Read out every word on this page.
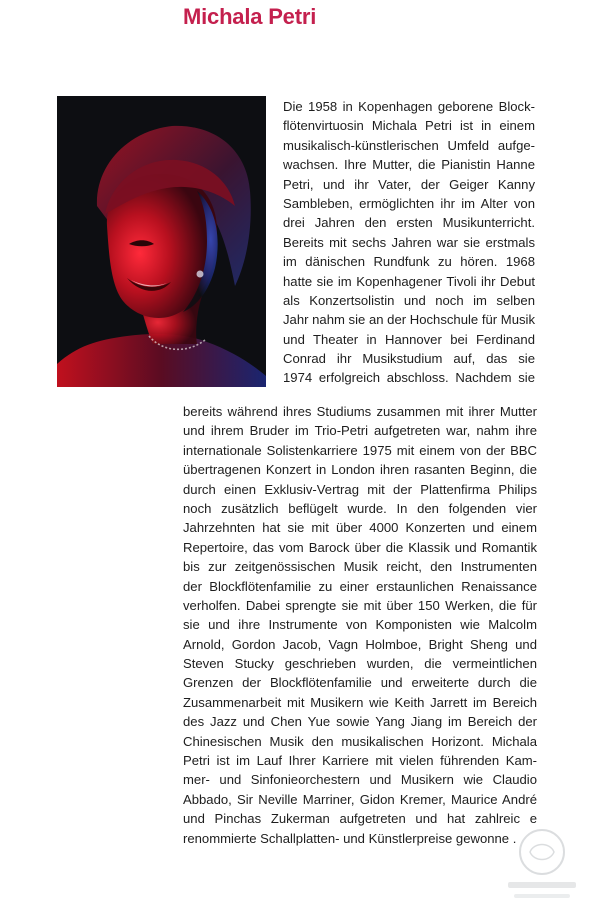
Michala Petri
Die 1958 in Kopenhagen geborene Block-
flötenvirtuosin Michala Petri ist in einem
musikalisch-künstlerischen Umfeld aufge-
wachsen. Ihre Mutter, die Pianistin Hanne
Petri, und ihr Vater, der Geiger Kanny
Sambleben, ermöglichten ihr im Alter von
drei Jahren den ersten Musikunterricht.
Bereits mit sechs Jahren war sie erstmals
im dänischen Rundfunk zu hören. 1968
hatte sie im Kopenhagener Tivoli ihr Debut
als Konzertsolistin und noch im selben
Jahr nahm sie an der Hochschule für Musik
und Theater in Hannover bei Ferdinand
Conrad ihr Musikstudium auf, das sie
1974 erfolgreich abschloss. Nachdem sie
bereits während ihres Studiums zusammen mit ihrer Mutter
und ihrem Bruder im Trio-Petri aufgetreten war, nahm ihre
internationale Solistenkarriere 1975 mit einem von der BBC
übertragenen Konzert in London ihren rasanten Beginn, die
durch einen Exklusiv-Vertrag mit der Plattenfirma Philips
noch zusätzlich beflügelt wurde. In den folgenden vier
Jahrzehnten hat sie mit über 4000 Konzerten und einem
Repertoire, das vom Barock über die Klassik und Romantik
bis zur zeitgenössischen Musik reicht, den Instrumenten
der Blockflötenfamilie zu einer erstaunlichen Renaissance
verholfen. Dabei sprengte sie mit über 150 Werken, die für
sie und ihre Instrumente von Komponisten wie Malcolm
Arnold, Gordon Jacob, Vagn Holmboe, Bright Sheng und
Steven Stucky geschrieben wurden, die vermeintlichen
Grenzen der Blockflötenfamilie und erweiterte durch die
Zusammenarbeit mit Musikern wie Keith Jarrett im Bereich
des Jazz und Chen Yue sowie Yang Jiang im Bereich der
Chinesischen Musik den musikalischen Horizont. Michala
Petri ist im Lauf Ihrer Karriere mit vielen führenden Kam-
mer- und Sinfonieorchestern und Musikern wie Claudio
Abbado, Sir Neville Marriner, Gidon Kremer, Maurice André
und Pinchas Zukerman aufgetreten und hat zahlreic e
renommierte Schallplatten- und Künstlerpreise gewonne .
